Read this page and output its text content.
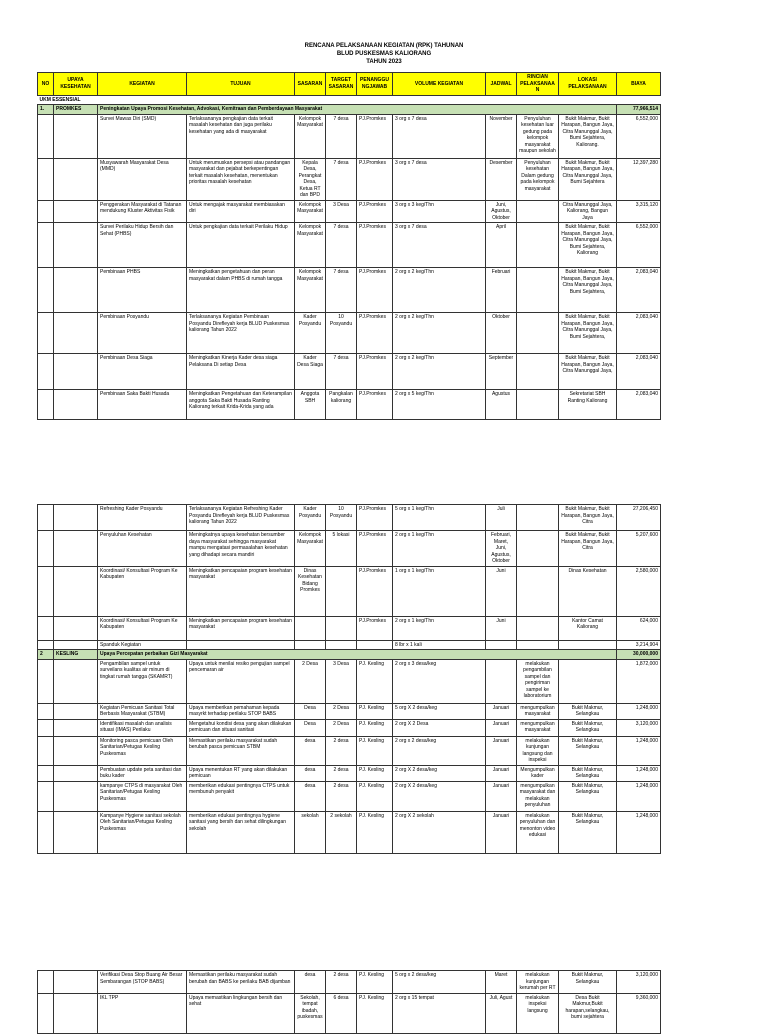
RENCANA PELAKSANAAN KEGIATAN (RPK) TAHUNAN
BLUD PUSKESMAS KALIORANG
TAHUN 2023
NO	UPAYA KESEHATAN	KEGIATAN	TUJUAN	SASARAN	TARGET SASARAN	PENANGGU NGJAWAB	VOLUME KEGIATAN	JADWAL	RINCIAN PELAKSANAA N	LOKASI PELAKSANAAN	BIAYA
UKM ESSENSIAL											
1.	PROMKES	Peningkatan Upaya Promosi Kesehatan, Advokasi, Kemitraan dan Pemberdayaan Masyarakat									77,966,514
		Survei Mawas Diri (SMD)	Terlaksananya pengkajian data terkait masalah kesehatan dan juga perilaku kesehatan yang ada di masyarakat	Kelompok Masyarakat	7 desa	PJ.Promkes	3 org x 7 desa	November	Penyuluhan kesehatan luar gedung pada kelompok masyarakat maupun sekolah	Bukit Makmur, Bukit Harapan, Bangun Jaya, Citra Manunggal Jaya, Bumi Sejahtera, Kaliorang.	6,552,000
		Musyawarah Masyarakat Desa (MMD)	Untuk merumuskan persepsi atau pandangan masyarakat dan pejabat berkepentingan terkait masalah kesehatan, menentukan prioritas masalah kesehatan	Kepala Desa, Perangkat Desa, Ketua RT dan BPD	7 desa	PJ.Promkes	3 org x 7 desa	Desember	Penyuluhan kesehatan Dalam gedung pada kelompok masyarakat	Bukit Makmur, Bukit Harapan, Bangun Jaya, Citra Manunggal Jaya, Bumi Sejahtera	12,397,280
		Penggerakan Masyarakat di Tatanan mendukung Kluster Aktivitas Fisik	Untuk mengajak masyarakat membiasakan diri	Kelompok Masyarakat	3 Desa	PJ.Promkes	3 org x 3 keg/Thn	Juni, Agustus, Oktober		Citra Manunggal Jaya, Kaliorang, Bangun Jaya	3,315,120
		Survei Perilaku Hidup Bersih dan Sehat (PHBS)	Untuk pengkajian data terkait Perilaku Hidup	Kelompok Masyarakat	7 desa	PJ.Promkes	3 org x 7 desa	April		Bukit Makmur, Bukit Harapan, Bangun Jaya, Citra Manunggal Jaya, Bumi Sejahtera, Kaliorang	6,552,000
		Pembinaan PHBS	Meningkatkan pengetahuan dan peran masyarakat dalam PHBS di rumah tangga	Kelompok Masyarakat	7 desa	PJ.Promkes	2 org x 2 keg/Thn	Februari		Bukit Makmur, Bukit Harapan, Bangun Jaya, Citra Manunggal Jaya, Bumi Sejahtera,	2,083,040
		Pembinaan Posyandu	Terlaksananya Kegiatan Pembinaan Posyandu Direfleyah kerja BLUD Puskesmas kaliorang Tahun 2022	Kader Posyandu	10 Posyandu	PJ.Promkes	2 org x 2 keg/Thn	Oktober		Bukit Makmur, Bukit Harapan, Bangun Jaya, Citra Manunggal Jaya, Bumi Sejahtera,	2,083,040
		Pembinaan Desa Siaga	Meningkatkan Kinerja Kader desa siaga Pelaksana Di setiap Desa	Kader Desa Siaga	7 desa	PJ.Promkes	2 org x 2 keg/Thn	September		Bukit Makmur, Bukit Harapan, Bangun Jaya, Citra Manunggal Jaya,	2,083,040
		Pembinaan Saka Bakti Husada	Meningkatkan Pengetahuan dan Keterampilan anggota Saka Bakti Husada Ranting Kaliorang terkait Krida-Krida yang ada	Anggota SBH	Pangkalan kaliorang	PJ.Promkes	2 org x 5 keg/Thn	Agustus		Sekretariat SBH Ranting Kaliorang	2,083,040
		Refreshing Kader Posyandu	Terlaksananya Kegiatan Refreshing Kader Posyandu Direfleyah kerja BLUD Puskesmas kaliorang Tahun 2022	Kader Posyandu	10 Posyandu	PJ.Promkes	5 org x 1 keg/Thn	Juli		Bukit Makmur, Bukit Harapan, Bangun Jaya, Citra	27,206,450
		Penyuluhan Kesehatan	Meningkatnya upaya kesehatan bersumber daya masyarakat sehingga masyarakat mampu mengatasi permasalahan kesehatan yang dihadapi secara mandiri	Kelompok Masyarakat	5 lokasi	PJ.Promkes	2 org x 1 keg/Thn	Februari, Maret, Juni, Agustus, Oktober		Bukit Makmur, Bukit Harapan, Bangun Jaya, Citra	5,207,600
		Koordinasi/ Konsultasi Program Ke Kabupaten	Meningkatkan pencapaian program kesehatan masyarakat	Dinas Kesehatan Bidang Promkes		PJ.Promkes	1 org x 1 keg/Thn	Juni		Dinas Kesehatan	2,580,000
		Koordinasi/ Konsultasi Program Ke Kabupaten	Meningkatkan pencapaian program kesehatan masyarakat			PJ.Promkes	2 org x 1 keg/Thn	Juni		Kantor Camat Kaliorang	624,000
		Spanduk Kegiatan					8 lbr x 1 kali				3,214,904
2	KESLING	Upaya Percepatan perbaikan Gizi Masyarakat									30,000,000
		Pengambilan sampel untuk surveilans kualitas air minum di tingkat rumah tangga (SKAMRT)	Upaya untuk menilai resiko pengujian sampel pencemaran air	2 Desa	3 Desa	PJ. Kesling	2 org x 3 desa/keg		melakukan pengambilan sampel dan pengiriman sampel ke laboratorium		1,872,000
		Kegiatan Pemicuan Sanitasi Total Berbasis Masyarakat (STBM)	Upaya memberikan pemahaman kepada masyrkt terhadap perilaku STOP BABS	Desa	2 Desa	PJ. Kesling	5 org X 2 desa/keg	Januari	mengumpulkan masyarakat	Bukit Makmur, Selangkau	1,248,000
		Identifikasi masalah dan analisis situasi (IMAS) Perilaku	Mengetahui kondisi desa yang akan dilakukan pemicuan dan situasi sanitasi	Desa	2 Desa	PJ. Kesling	2 org X 2 Desa	Januari	mengumpulkan masyarakat	Bukit Makmur, Selangkau	3,120,000
		Monitoring pasca pemicuan Oleh Sanitarian/Petugas Kesling Puskesmas	Memastikan perilaku masyarakat sudah berubah pasca pemicuan STBM	desa	2 desa	PJ. Kesling	2 org x 2 desa/keg	Januari	melakukan kunjungan langsung dan inspeksi	Bukit Makmur, Selangkau	1,248,000
		Pembuatan update peta sanitasi dan buku kader	Upaya menentukan RT yang akan dilakukan pemicuan	desa	2 desa	PJ. Kesling	2 org X 2 desa/keg	Januari	Mengumpulkan kader	Bukit Makmur, Selangkau	1,248,000
		kampanye CTPS di masyarakat Oleh Sanitarian/Petugas Kesling Puskesmas	memberikan edukasi pentingnya CTPS untuk membunuh penyakit	desa	2 desa	PJ. Kesling	2 org X 2 desa/keg	Januari	mengumpulkan masyarakat dan melakukan penyuluhan	Bukit Makmur, Selangkau	1,248,000
		Kampanye Hygiene sanitasi sekolah Oleh Sanitarian/Petugas Kesling Puskesmas	memberikan edukasi pentingnya hygiene sanitasi yang bersih dan sehat dilingkungan sekolah	sekolah	2 sekolah	PJ. Kesling	2 org X 2 sekolah	Januari	melakukan penyuluhan dan menonton video edukasi	Bukit Makmur, Selangkau	1,248,000
		Verifikasi Desa Stop Buang Air Besar Sembarangan (STOP BABS)	Memastikan perilaku masyarakat sudah berubah dan BABS ke perilaku BAB dijamban	desa	2 desa	PJ. Kesling	5 org x 2 desa/keg	Maret	melakukan kunjungan kerumah per RT	Bukit Makmur, Selangkau	3,120,000
		IKL TPP	Upaya memastikan lingkungan bersih dan sehat	Sekolah, tempat ibadah, puskesmas	6 desa	PJ. Kesling	2 org x 15 tempat	Juli, Agust	melakukan inspeksi langsung	Desa Bukit Makmur,Bukit harapan,selangkau, bumi sejahtera	9,360,000
